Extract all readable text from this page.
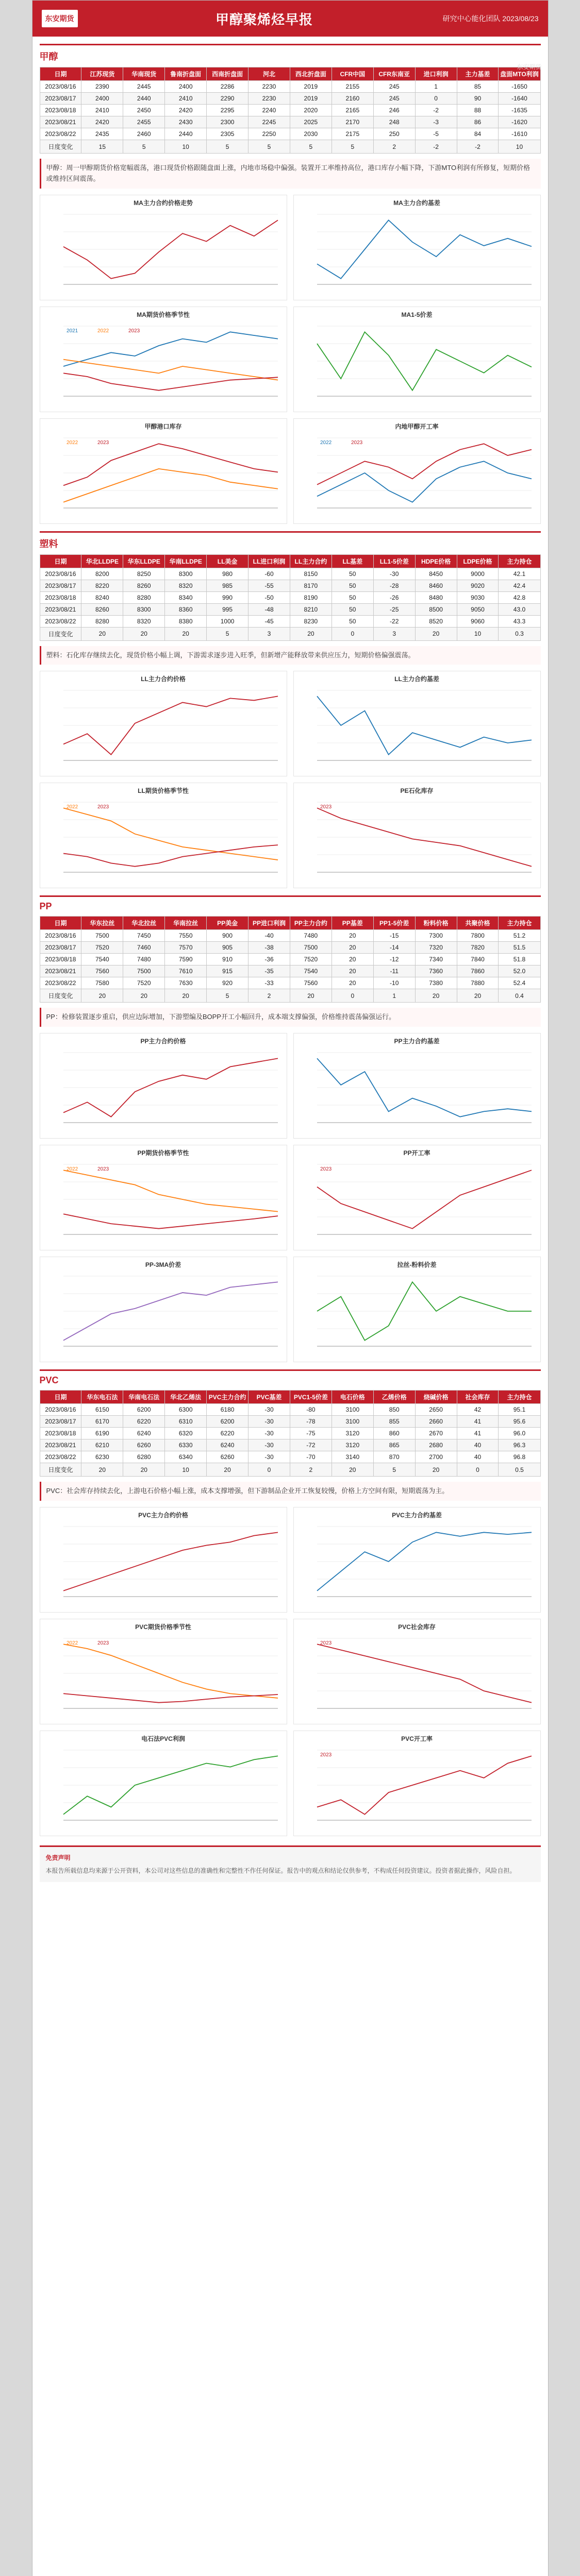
东安期货	甲醇聚烯烃早报	研究中心能化团队 2023/08/23
东安期货
甲醇
日期	江苏现货	华南现货	鲁南折盘面	西南折盘面	河北	西北折盘面	CFR中国	CFR东南亚	进口利润	主力基差	盘面MTO利润
2023/08/16	2390	2445	2400	2286	2230	2019	2155	245	1	85	-1650
2023/08/17	2400	2440	2410	2290	2230	2019	2160	245	0	90	-1640
2023/08/18	2410	2450	2420	2295	2240	2020	2165	246	-2	88	-1635
2023/08/21	2420	2455	2430	2300	2245	2025	2170	248	-3	86	-1620
2023/08/22	2435	2460	2440	2305	2250	2030	2175	250	-5	84	-1610
日度变化	15	5	10	5	5	5	5	2	-2	-2	10
甲醇：周一甲醇期货价格宽幅震荡，港口现货价格跟随盘面上涨，内地市场稳中偏强。装置开工率维持高位，港口库存小幅下降，下游MTO利润有所修复，短期价格或维持区间震荡。
MA主力合约价格走势	MA主力合约基差
MA期货价格季节性
2021	2022	2023
MA1-5价差
甲醇港口库存
2022	2023
内地甲醇开工率
2022	2023
塑料
日期	华北LLDPE	华东LLDPE	华南LLDPE	LL美金	LL进口利润	LL主力合约	LL基差	LL1-5价差	HDPE价格	LDPE价格	主力持仓
2023/08/16	8200	8250	8300	980	-60	8150	50	-30	8450	9000	42.1
2023/08/17	8220	8260	8320	985	-55	8170	50	-28	8460	9020	42.4
2023/08/18	8240	8280	8340	990	-50	8190	50	-26	8480	9030	42.8
2023/08/21	8260	8300	8360	995	-48	8210	50	-25	8500	9050	43.0
2023/08/22	8280	8320	8380	1000	-45	8230	50	-22	8520	9060	43.3
日度变化	20	20	20	5	3	20	0	3	20	10	0.3
塑料：石化库存继续去化，现货价格小幅上调，下游需求逐步进入旺季，但新增产能释放带来供应压力，短期价格偏强震荡。
LL主力合约价格	LL主力合约基差
LL期货价格季节性
2022	2023
PE石化库存
2023
PP
日期	华东拉丝	华北拉丝	华南拉丝	PP美金	PP进口利润	PP主力合约	PP基差	PP1-5价差	粉料价格	共聚价格	主力持仓
2023/08/16	7500	7450	7550	900	-40	7480	20	-15	7300	7800	51.2
2023/08/17	7520	7460	7570	905	-38	7500	20	-14	7320	7820	51.5
2023/08/18	7540	7480	7590	910	-36	7520	20	-12	7340	7840	51.8
2023/08/21	7560	7500	7610	915	-35	7540	20	-11	7360	7860	52.0
2023/08/22	7580	7520	7630	920	-33	7560	20	-10	7380	7880	52.4
日度变化	20	20	20	5	2	20	0	1	20	20	0.4
PP：检修装置逐步重启，供应边际增加，下游塑编及BOPP开工小幅回升，成本端支撑偏强，价格维持震荡偏强运行。
PP主力合约价格	PP主力合约基差
PP期货价格季节性
2022	2023
PP开工率
2023
PP-3MA价差	拉丝-粉料价差
PVC
日期	华东电石法	华南电石法	华北乙烯法	PVC主力合约	PVC基差	PVC1-5价差	电石价格	乙烯价格	烧碱价格	社会库存	主力持仓
2023/08/16	6150	6200	6300	6180	-30	-80	3100	850	2650	42	95.1
2023/08/17	6170	6220	6310	6200	-30	-78	3100	855	2660	41	95.6
2023/08/18	6190	6240	6320	6220	-30	-75	3120	860	2670	41	96.0
2023/08/21	6210	6260	6330	6240	-30	-72	3120	865	2680	40	96.3
2023/08/22	6230	6280	6340	6260	-30	-70	3140	870	2700	40	96.8
日度变化	20	20	10	20	0	2	20	5	20	0	0.5
PVC：社会库存持续去化，上游电石价格小幅上涨，成本支撑增强，但下游制品企业开工恢复较慢，价格上方空间有限，短期震荡为主。
PVC主力合约价格	PVC主力合约基差
PVC期货价格季节性
2022	2023
PVC社会库存
2023
电石法PVC利润	PVC开工率
2023
免责声明
本报告所载信息均来源于公开资料，本公司对这些信息的准确性和完整性不作任何保证。报告中的观点和结论仅供参考，不构成任何投资建议。投资者据此操作，风险自担。
